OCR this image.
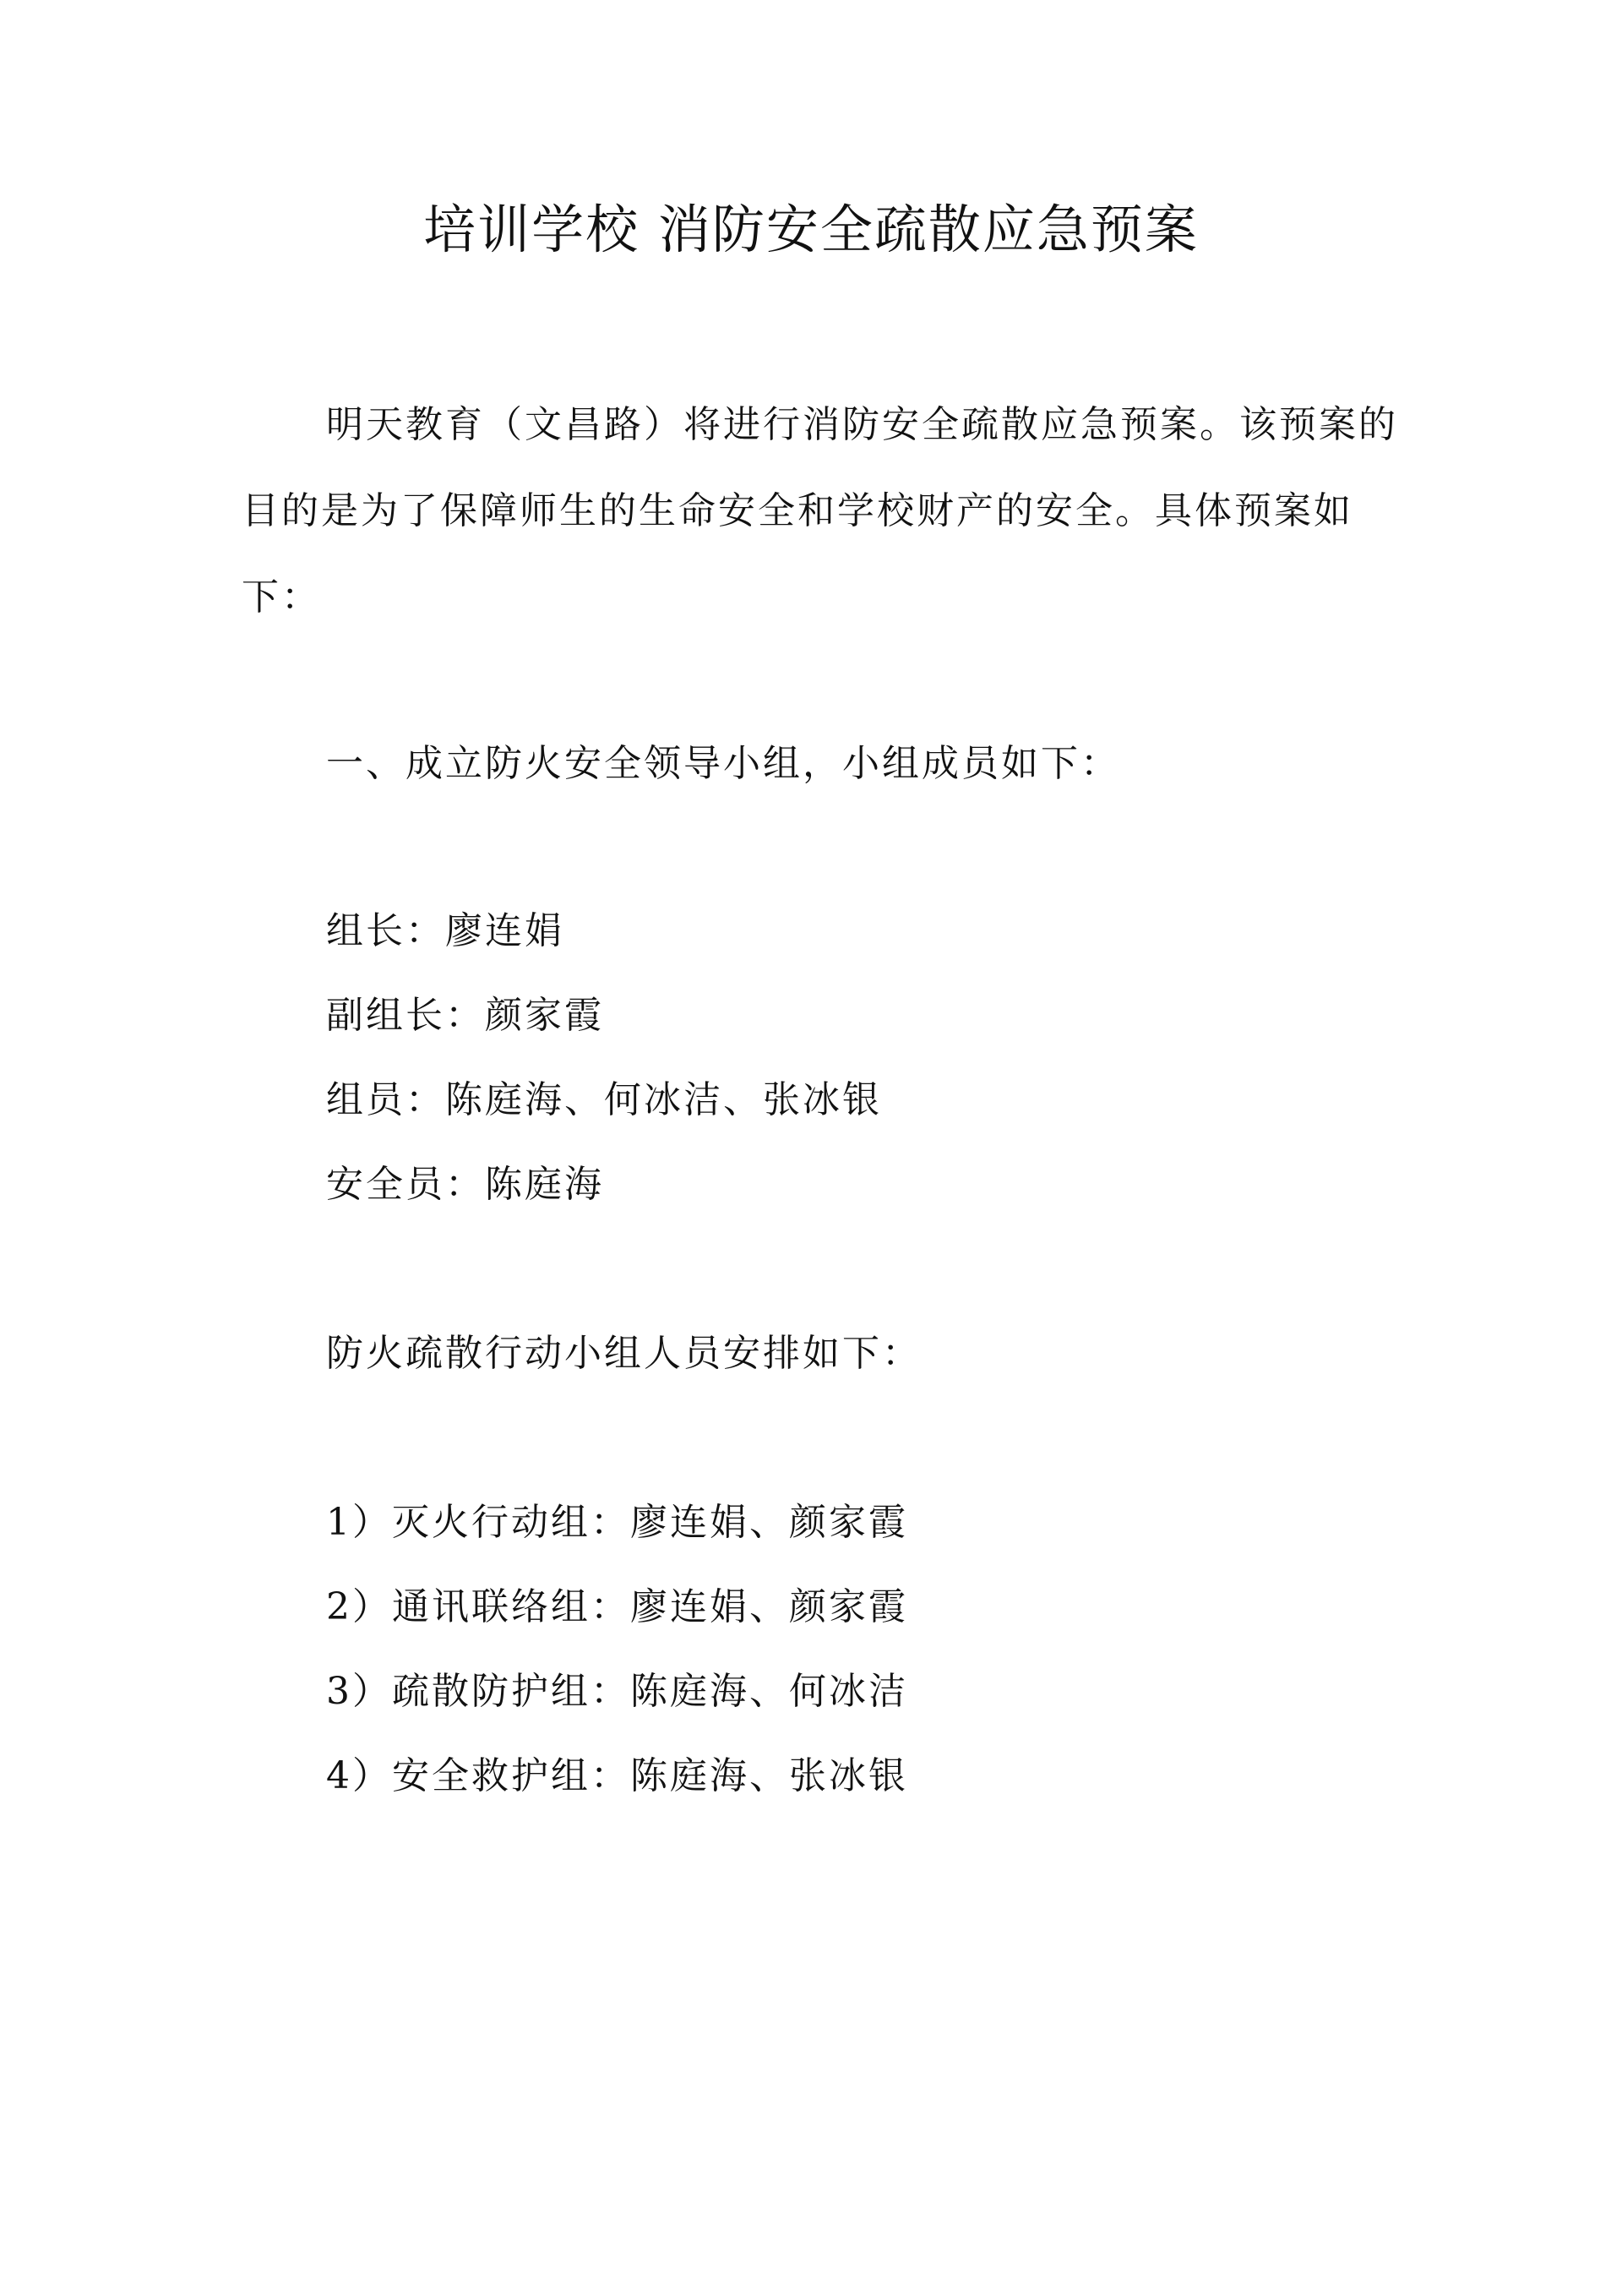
培训学校 消防安全疏散应急预案

明天教育（文昌路）将进行消防安全疏散应急预案。该预案的目的是为了保障师生的生命安全和学校财产的安全。具体预案如下：

一、成立防火安全领导小组，小组成员如下：

组长：廖连娟

副组长：颜家霞

组员：陈庭海、何冰洁、张冰银

安全员：陈庭海

防火疏散行动小组人员安排如下：

1）灭火行动组：廖连娟、颜家霞

2）通讯联络组：廖连娟、颜家霞

3）疏散防护组：陈庭海、何冰洁

4）安全救护组：陈庭海、张冰银
